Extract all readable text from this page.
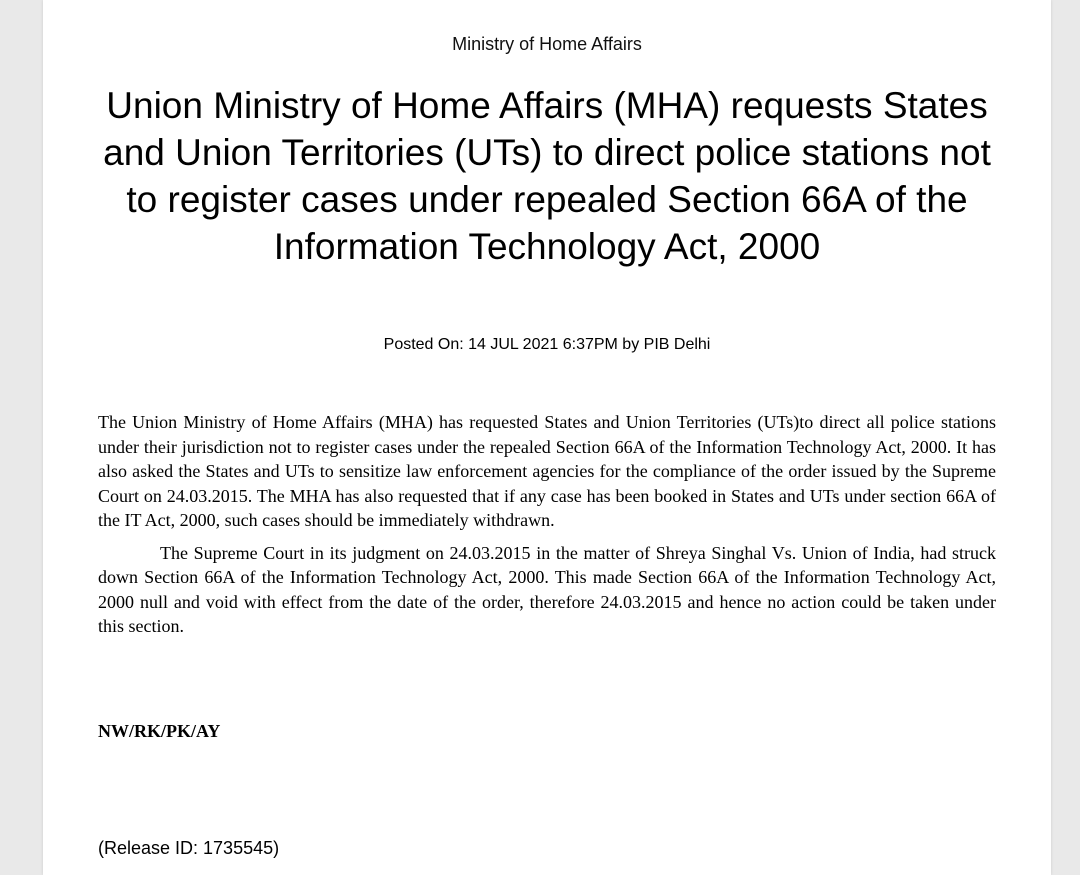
Ministry of Home Affairs
Union Ministry of Home Affairs (MHA) requests States and Union Territories (UTs) to direct police stations not to register cases under repealed Section 66A of the Information Technology Act, 2000
Posted On: 14 JUL 2021 6:37PM by PIB Delhi

The Union Ministry of Home Affairs (MHA) has requested States and Union Territories (UTs)to direct all police stations under their jurisdiction not to register cases under the repealed Section 66A of the Information Technology Act, 2000. It has also asked the States and UTs to sensitize law enforcement agencies for the compliance of the order issued by the Supreme Court on 24.03.2015. The MHA has also requested that if any case has been booked in States and UTs under section 66A of the IT Act, 2000, such cases should be immediately withdrawn.

The Supreme Court in its judgment on 24.03.2015 in the matter of Shreya Singhal Vs. Union of India, had struck down Section 66A of the Information Technology Act, 2000. This made Section 66A of the Information Technology Act, 2000 null and void with effect from the date of the order, therefore 24.03.2015 and hence no action could be taken under this section.

NW/RK/PK/AY
(Release ID: 1735545)
